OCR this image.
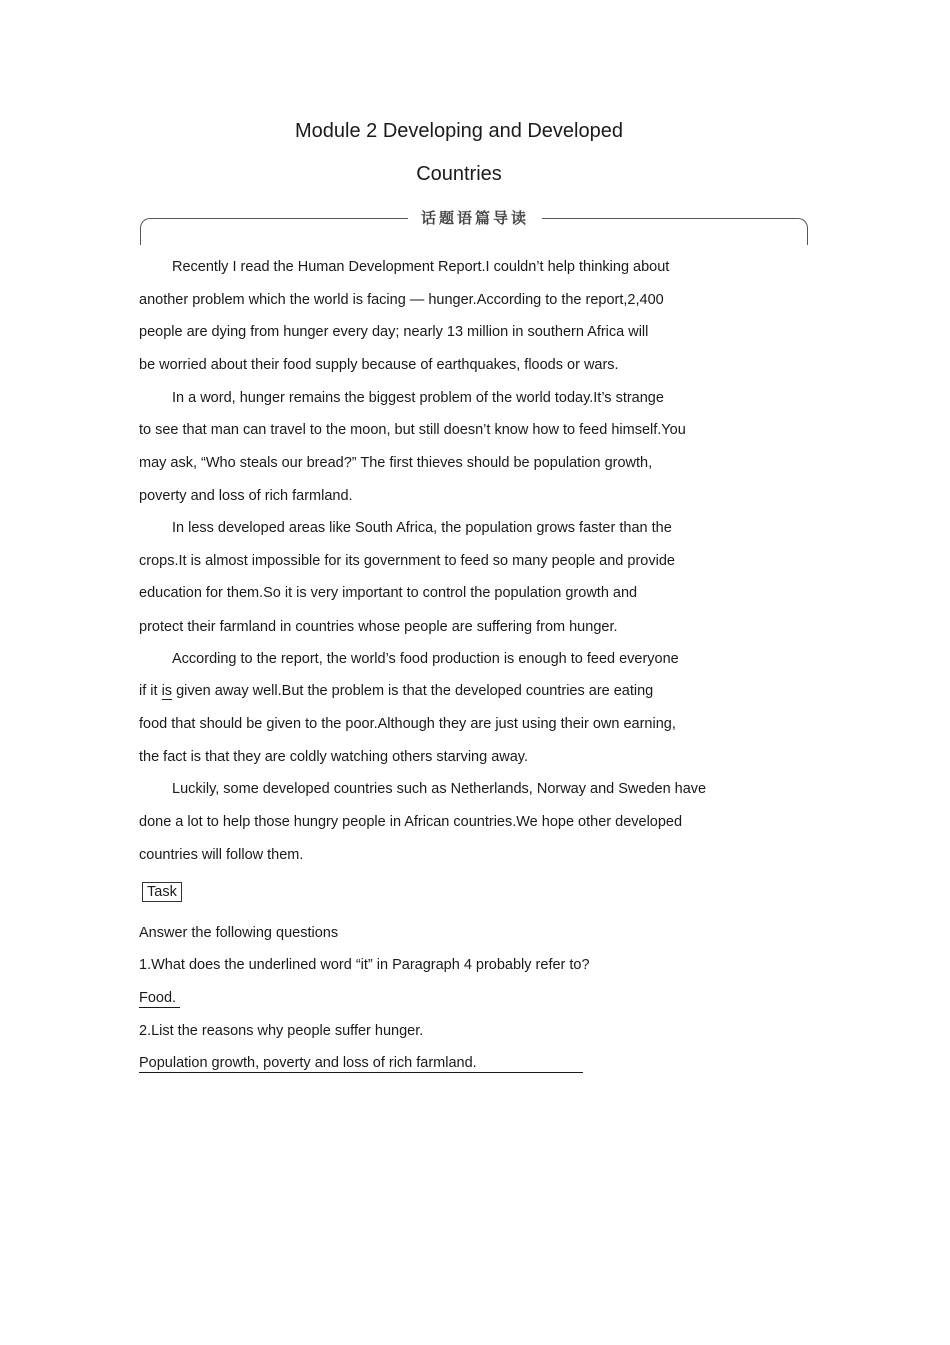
Module 2 Developing and Developed
Countries
话题语篇导读
Recently I read the Human Development Report.I couldn’t help thinking about
another problem which the world is facing — hunger.According to the report,2,400
people are dying from hunger every day; nearly 13 million in southern Africa will
be worried about their food supply because of earthquakes, floods or wars.
In a word, hunger remains the biggest problem of the world today.It’s strange
to see that man can travel to the moon, but still doesn’t know how to feed himself.You
may ask, “Who steals our bread?” The first thieves should be population growth,
poverty and loss of rich farmland.
In less developed areas like South Africa, the population grows faster than the
crops.It is almost impossible for its government to feed so many people and provide
education for them.So it is very important to control the population growth and
protect their farmland in countries whose people are suffering from hunger.
According to the report, the world’s food production is enough to feed everyone
if it is given away well.But the problem is that the developed countries are eating
food that should be given to the poor.Although they are just using their own earning,
the fact is that they are coldly watching others starving away.
Luckily, some developed countries such as Netherlands, Norway and Sweden have
done a lot to help those hungry people in African countries.We hope other developed
countries will follow them.
Task
Answer the following questions
1.What does the underlined word “it” in Paragraph 4 probably refer to?
Food.
2.List the reasons why people suffer hunger.
Population growth, poverty and loss of rich farmland.
